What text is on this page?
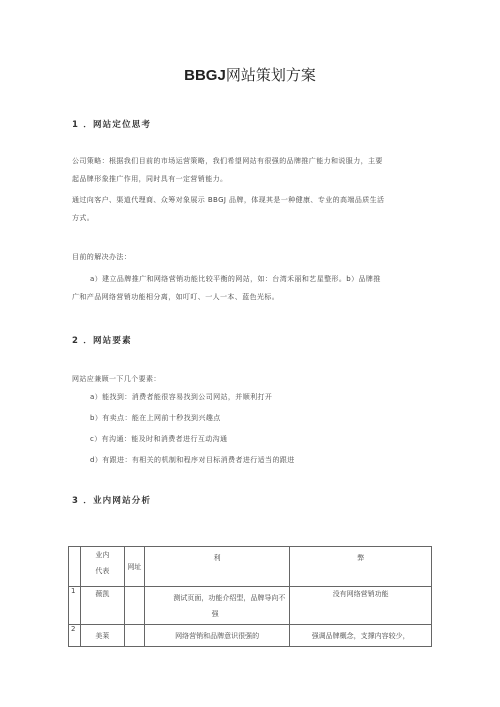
BBGJ网站策划方案
1 ．网站定位思考

公司策略：根据我们目前的市场运营策略，我们希望网站有很强的品牌推广能力和说服力，主要
起品牌形象推广作用，同时具有一定营销能力。

通过向客户、渠道代理商、众筹对象展示 BBGJ 品牌，体现其是一种健康、专业的高端品质生活
方式。

目前的解决办法：

a）建立品牌推广和网络营销功能比较平衡的网站，如：台湾禾丽和艺星整形。b）品牌推
广和产品网络营销功能相分离，如叮叮、一人一本、蓝色光标。

2 ．网站要素
网站应兼顾一下几个要素：
a）能找到：消费者能很容易找到公司网站，并顺利打开
b）有卖点：能在上网前十秒找到兴趣点
c）有沟通：能及时和消费者进行互动沟通
d）有跟进：有相关的机制和程序对目标消费者进行适当的跟进
3 ．业内网站分析
	业内
代表	网址	利	弊
1	薇凯		测试页面，功能介绍型，品牌导向不

强	没有网络营销功能
2	美莱		网络营销和品牌意识很强的	强调品牌概念，支撑内容较少，
